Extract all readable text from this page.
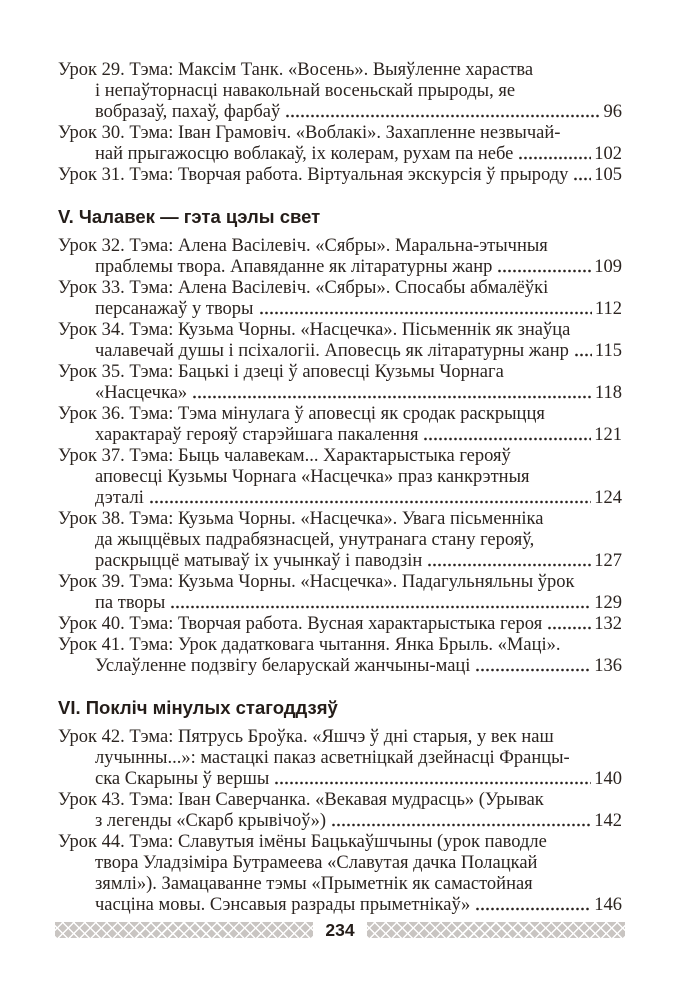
Урок 29. Тэма: Максім Танк. «Восень». Выяўленне хараства
і непаўторнасці навакольнай восеньскай прыроды, яе
вобразаў, пахаў, фарбаў	96
Урок 30. Тэма: Іван Грамовіч. «Воблакі». Захапленне незвычай-
най прыгажосцю воблакаў, іх колерам, рухам па небе	102
Урок 31. Тэма: Творчая работа. Віртуальная экскурсія ў прыроду 105
V. Чалавек — гэта цэлы свет
Урок 32. Тэма: Алена Васілевіч. «Сябры». Маральна-этычныя
праблемы твора. Апавяданне як літаратурны жанр	109
Урок 33. Тэма: Алена Васілевіч. «Сябры». Спосабы абмалёўкі
персанажаў у творы	112
Урок 34. Тэма: Кузьма Чорны. «Насцечка». Пісьменнік як знаўца
чалавечай душы і псіхалогіі. Аповесць як літаратурны жанр 115
Урок 35. Тэма: Бацькі і дзеці ў аповесці Кузьмы Чорнага
«Насцечка»	118
Урок 36. Тэма: Тэма мінулага ў аповесці як сродак раскрыцця
характараў герояў старэйшага пакалення	121
Урок 37. Тэма: Быць чалавекам... Характарыстыка герояў
аповесці Кузьмы Чорнага «Насцечка» праз канкрэтныя
дэталі	124
Урок 38. Тэма: Кузьма Чорны. «Насцечка». Увага пісьменніка
да жыццёвых падрабязнасцей, унутранага стану герояў,
раскрыццё матываў іх учынкаў і паводзін	127
Урок 39. Тэма: Кузьма Чорны. «Насцечка». Падагульняльны ўрок
па творы	129
Урок 40. Тэма: Творчая работа. Вусная характарыстыка героя	132
Урок 41. Тэма: Урок дадатковага чытання. Янка Брыль. «Маці».
Услаўленне подзвігу беларускай жанчыны-маці	136
VI. Покліч мінулых стагоддзяў
Урок 42. Тэма: Пятрусь Броўка. «Яшчэ ў дні старыя, у век наш
лучынны...»: мастацкі паказ асветніцкай дзейнасці Францы-
ска Скарыны ў вершы	140
Урок 43. Тэма: Іван Саверчанка. «Векавая мудрасць» (Урывак
з легенды «Скарб крывічоў»)	142
Урок 44. Тэма: Славутыя імёны Бацькаўшчыны (урок паводле
твора Уладзіміра Бутрамеева «Славутая дачка Полацкай
зямлі»). Замацаванне тэмы «Прыметнік як самастойная
часціна мовы. Сэнсавыя разрады прыметнікаў»	146
234
